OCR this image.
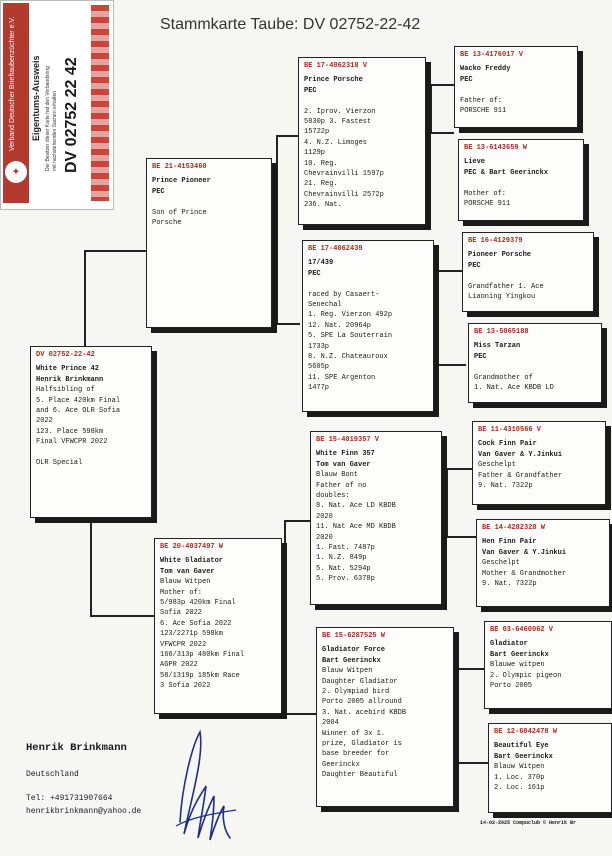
Verband Deutscher Brieftaubenzüchter e.V.
✦
Eigentums-Ausweis Der Besitzer dieser Karte hat den Verbandsring mit nachstehenden Sachen erhalten DV 02752 22 42
Stammkarte Taube: DV 02752-22-42
DV 02752-22-42
White Prince 42
Henrik Brinkmann
Halfsibling of
5. Place 420km Final
and 6. Ace OLR Sofia
2022
123. Place 598km
Final VFWCPR 2022
OLR Special
BE 21-4153460
Prince Pioneer
PEC
Son of Prince
Porsche
BE 20-4037497 W
White Gladiator
Tom van Gaver
Blauw Witpen
Mother of:
5/983p 420km Final
Sofia 2022
6. Ace Sofia 2022
123/2271p 598km
VFWCPR 2022
166/313p 480km Final
AGPR 2022
58/1319p 185km Race
3 Sofia 2022
BE 17-4062318 V
Prince Porsche
PEC
2. Iprov. Vierzon
5830p 3. Fastest
15722p
4. N.Z. Limoges
1129p
10. Reg.
Chevrainvilli 1597p
21. Reg.
Chevrainvilli 2572p
236. Nat.
BE 17-4062439
17/439
PEC
raced by Casaert-
Senechal
1. Reg. Vierzon 492p
12. Nat. 20964p
5. SPE La Souterrain
1733p
8. N.Z. Chateauroux
5605p
11. SPE Argenton
1477p
BE 15-4019357 V
White Finn 357
Tom van Gaver
Blauw Bont
Father of no
doubles:
8. Nat. Ace LD KBDB
2020
11. Nat Ace MD KBDB
2020
1. Fast. 7487p
1. N.Z. 849p
5. Nat. 5294p
5. Prov. 6378p
BE 15-6287525 W
Gladiator Force
Bart Geerinckx
Blauw Witpen
Daughter Gladiator
2. Olympiad bird
Porto 2005 allround
3. Nat. acebird KBDB
2004
Winner of 3x 1.
prize, Gladiator is
base breeder for
Geerinckx
Daughter Beautiful
BE 13-4176017 V
Wacko Freddy
PEC
Father of:
PORSCHE 911
BE 13-6143659 W
Lieve
PEC & Bart Geerinckx
Mother of:
PORSCHE 911
BE 16-4129379
Pioneer Porsche
PEC
Grandfather 1. Ace
Liaoning Yingkou
BE 13-5065188
Miss Tarzan
PEC
Grandmother of
1. Nat. Ace KBDB LD
BE 11-4310566 V
Cock Finn Pair
Van Gaver & Y.Jinkui
Geschelpt
Father & Grandfather
9. Nat. 7322p
BE 14-4282328 W
Hen Finn Pair
Van Gaver & Y.Jinkui
Geschelpt
Mother & Grandmother
9. Nat. 7322p
BE 03-6460062 V
Gladiator
Bart Geerinckx
Blauwe witpen
2. Olympic pigeon
Porto 2005
BE 12-6042478 W
Beautiful Eye
Bart Geerinckx
Blauw Witpen
1. Loc. 370p
2. Loc. 161p
Henrik Brinkmann
Deutschland
Tel: +491731907664
henrikbrinkmann@yahoo.de
14-02-2025 Compuclub © Henrik Br
